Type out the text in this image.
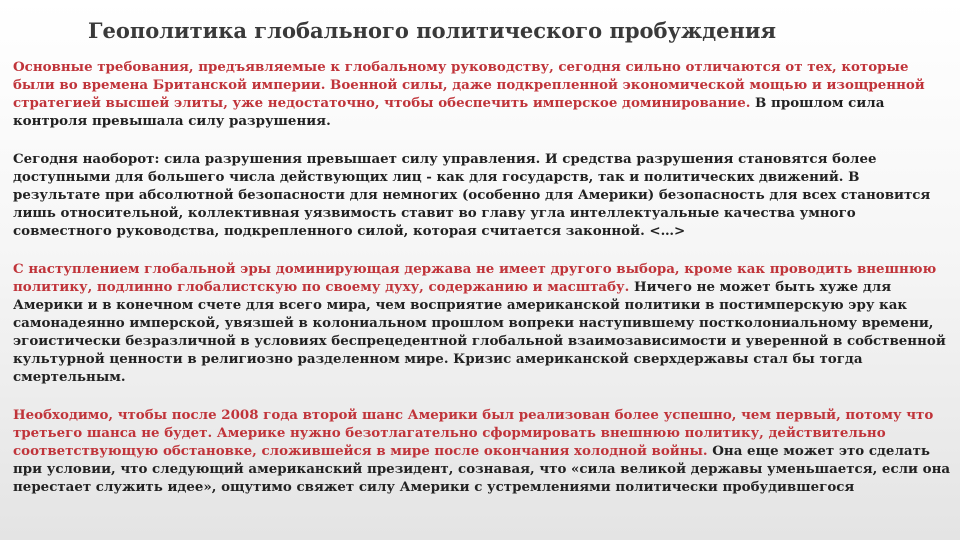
Геополитика глобального политического пробуждения

Основные требования, предъявляемые к глобальному руководству, сегодня сильно отличаются от тех, которые были во времена Британской империи. Военной силы, даже подкрепленной экономической мощью и изощренной стратегией высшей элиты, уже недостаточно, чтобы обеспечить имперское доминирование. В прошлом сила контроля превышала силу разрушения.

Сегодня наоборот: сила разрушения превышает силу управления. И средства разрушения становятся более доступными для большего числа действующих лиц - как для государств, так и политических движений. В результате при абсолютной безопасности для немногих (особенно для Америки) безопасность для всех становится лишь относительной, коллективная уязвимость ставит во главу угла интеллектуальные качества умного совместного руководства, подкрепленного силой, которая считается законной. <…>

С наступлением глобальной эры доминирующая держава не имеет другого выбора, кроме как проводить внешнюю политику, подлинно глобалистскую по своему духу, содержанию и масштабу. Ничего не может быть хуже для Америки и в конечном счете для всего мира, чем восприятие американской политики в постимперскую эру как самонадеянно имперской, увязшей в колониальном прошлом вопреки наступившему постколониальному времени, эгоистически безразличной в условиях беспрецедентной глобальной взаимозависимости и уверенной в собственной культурной ценности в религиозно разделенном мире. Кризис американской сверхдержавы стал бы тогда смертельным.

Необходимо, чтобы после 2008 года второй шанс Америки был реализован более успешно, чем первый, потому что третьего шанса не будет. Америке нужно безотлагательно сформировать внешнюю политику, действительно соответствующую обстановке, сложившейся в мире после окончания холодной войны. Она еще может это сделать при условии, что следующий американский президент, сознавая, что «сила великой державы уменьшается, если она перестает служить идее», ощутимо свяжет силу Америки с устремлениями политически пробудившегося
